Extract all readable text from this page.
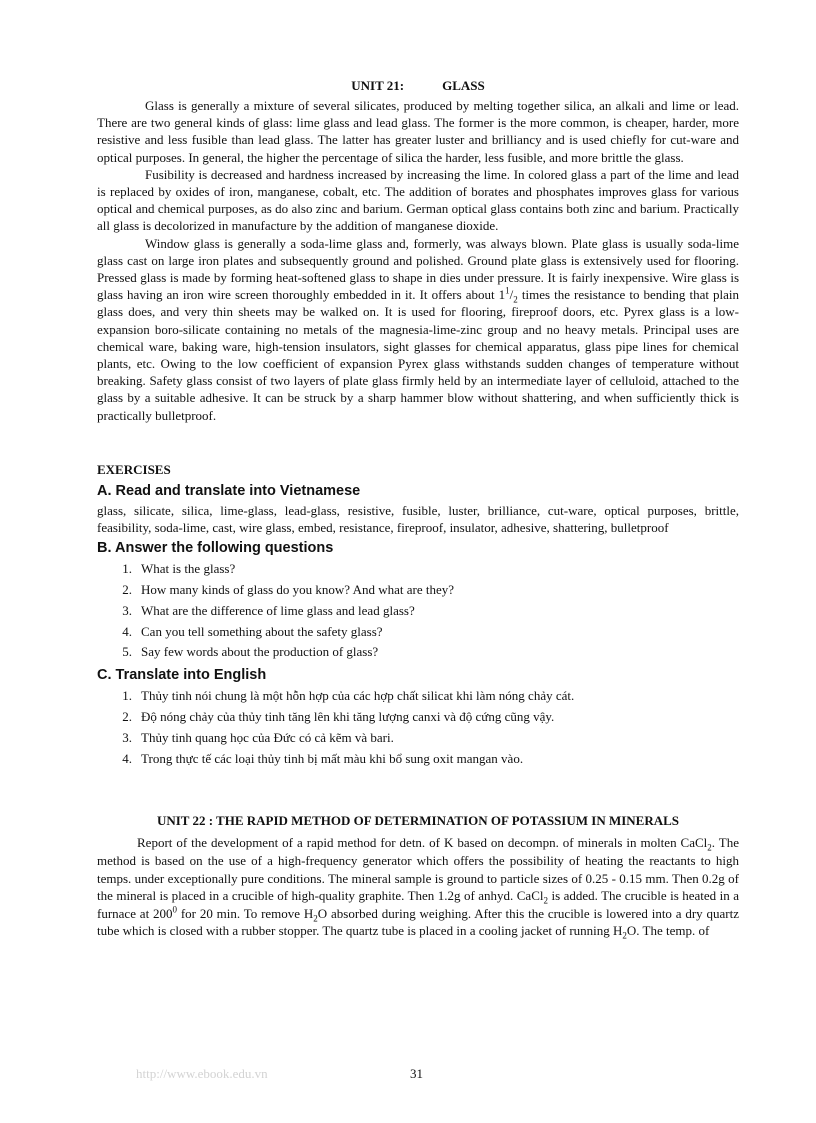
UNIT 21:	GLASS

Glass is generally a mixture of several silicates, produced by melting together silica, an alkali and lime or lead. There are two general kinds of glass: lime glass and lead glass. The former is the more common, is cheaper, harder, more resistive and less fusible than lead glass. The latter has greater luster and brilliancy and is used chiefly for cut-ware and optical purposes. In general, the higher the percentage of silica the harder, less fusible, and more brittle the glass.

Fusibility is decreased and hardness increased by increasing the lime. In colored glass a part of the lime and lead is replaced by oxides of iron, manganese, cobalt, etc. The addition of borates and phosphates improves glass for various optical and chemical purposes, as do also zinc and barium. German optical glass contains both zinc and barium. Practically all glass is decolorized in manufacture by the addition of manganese dioxide.

Window glass is generally a soda-lime glass and, formerly, was always blown. Plate glass is usually soda-lime glass cast on large iron plates and subsequently ground and polished. Ground plate glass is extensively used for flooring. Pressed glass is made by forming heat-softened glass to shape in dies under pressure. It is fairly inexpensive. Wire glass is glass having an iron wire screen thoroughly embedded in it. It offers about $1^1/_2$ times the resistance to bending that plain glass does, and very thin sheets may be walked on. It is used for flooring, fireproof doors, etc. Pyrex glass is a low-expansion boro-silicate containing no metals of the magnesia-lime-zinc group and no heavy metals. Principal uses are chemical ware, baking ware, high-tension insulators, sight glasses for chemical apparatus, glass pipe lines for chemical plants, etc. Owing to the low coefficient of expansion Pyrex glass withstands sudden changes of temperature without breaking. Safety glass consist of two layers of plate glass firmly held by an intermediate layer of celluloid, attached to the glass by a suitable adhesive. It can be struck by a sharp hammer blow without shattering, and when sufficiently thick is practically bulletproof.

EXERCISES
A. Read and translate into Vietnamese

glass, silicate, silica, lime-glass, lead-glass, resistive, fusible, luster, brilliance, cut-ware, optical purposes, brittle, feasibility, soda-lime, cast, wire glass, embed, resistance, fireproof, insulator, adhesive, shattering, bulletproof

B. Answer the following questions
1 . What is the glass?
2 . How many kinds of glass do you know? And what are they?
3 . What are the difference of lime glass and lead glass?
4 . Can you tell something about the safety glass?
5 . Say few words about the production of glass?
C. Translate into English
1 . Thủy tinh nói chung là một hỗn hợp của các hợp chất silicat khi làm nóng chảy cát.
2 . Độ nóng chảy của thủy tinh tăng lên khi tăng lượng canxi và độ cứng cũng vậy.
3 . Thủy tinh quang học của Đức có cả kẽm và bari.
4 . Trong thực tế các loại thủy tinh bị mất màu khi bổ sung oxit mangan vào.
UNIT 22 : THE RAPID METHOD OF DETERMINATION OF POTASSIUM IN MINERALS

Report of the development of a rapid method for detn. of K based on decompn. of minerals in molten CaCl$_2$. The method is based on the use of a high-frequency generator which offers the possibility of heating the reactants to high temps. under exceptionally pure conditions. The mineral sample is ground to particle sizes of 0.25 - 0.15 mm. Then 0.2g of the mineral is placed in a crucible of high-quality graphite. Then 1.2g of anhyd. CaCl$_2$ is added. The crucible is heated in a furnace at $200^0$ for 20 min. To remove $H_2O$ absorbed during weighing. After this the crucible is lowered into a dry quartz tube which is closed with a rubber stopper. The quartz tube is placed in a cooling jacket of running $H_2O$. The temp. of

http://www.ebook.edu.vn	31
